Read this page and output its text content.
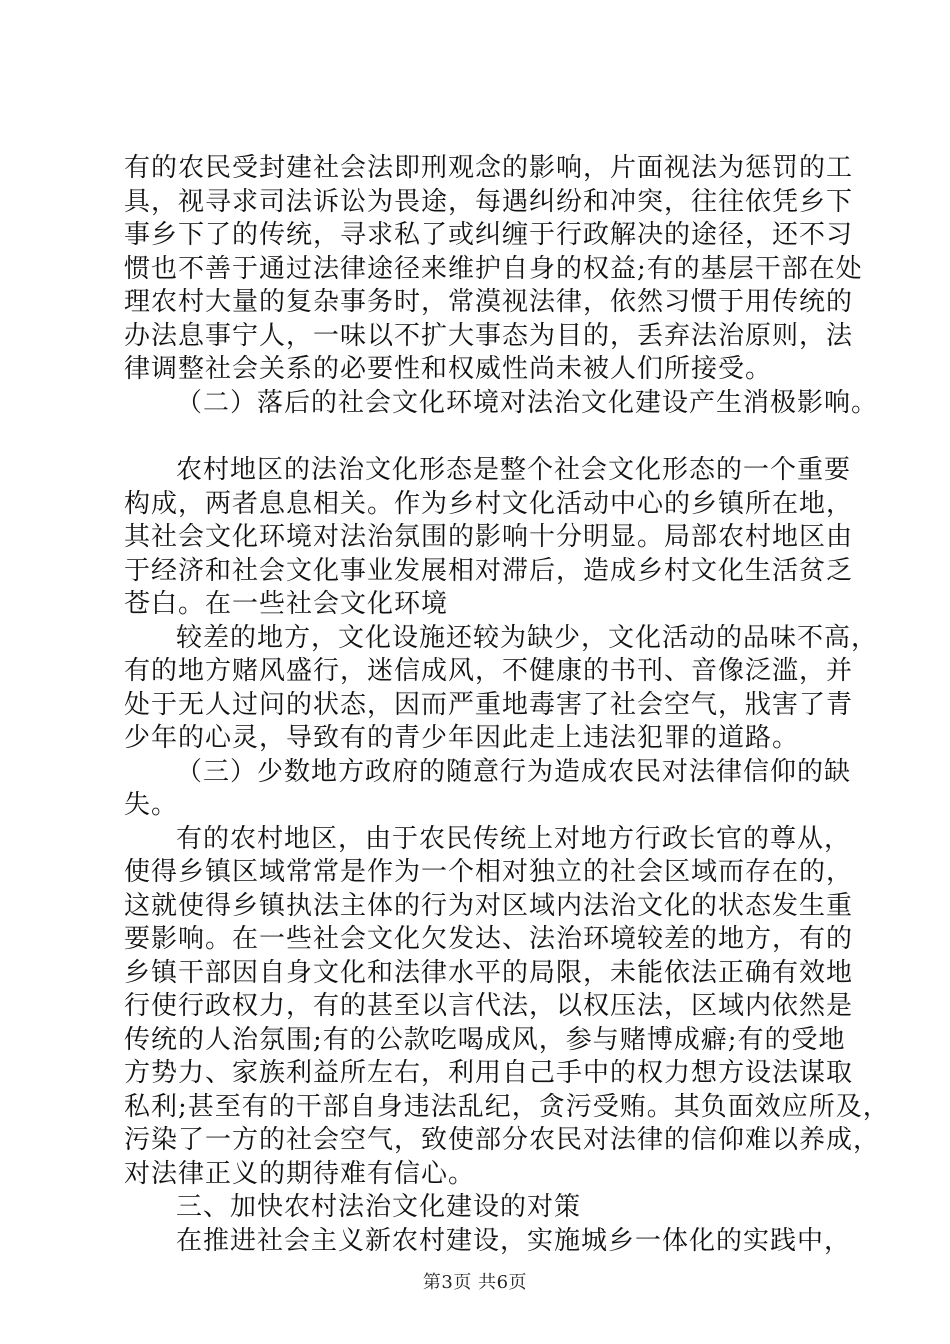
有的农民受封建社会法即刑观念的影响，片面视法为惩罚的工
具，视寻求司法诉讼为畏途，每遇纠纷和冲突，往往依凭乡下
事乡下了的传统，寻求私了或纠缠于行政解决的途径，还不习
惯也不善于通过法律途径来维护自身的权益;有的基层干部在处
理农村大量的复杂事务时，常漠视法律，依然习惯于用传统的
办法息事宁人，一味以不扩大事态为目的，丢弃法治原则，法
律调整社会关系的必要性和权威性尚未被人们所接受。

（二）落后的社会文化环境对法治文化建设产生消极影响。

农村地区的法治文化形态是整个社会文化形态的一个重要
构成，两者息息相关。作为乡村文化活动中心的乡镇所在地，
其社会文化环境对法治氛围的影响十分明显。局部农村地区由
于经济和社会文化事业发展相对滞后，造成乡村文化生活贫乏
苍白。在一些社会文化环境

较差的地方，文化设施还较为缺少，文化活动的品味不高，
有的地方赌风盛行，迷信成风，不健康的书刊、音像泛滥，并
处于无人过问的状态，因而严重地毒害了社会空气，戕害了青
少年的心灵，导致有的青少年因此走上违法犯罪的道路。

（三）少数地方政府的随意行为造成农民对法律信仰的缺
失。

有的农村地区，由于农民传统上对地方行政长官的尊从，
使得乡镇区域常常是作为一个相对独立的社会区域而存在的，
这就使得乡镇执法主体的行为对区域内法治文化的状态发生重
要影响。在一些社会文化欠发达、法治环境较差的地方，有的
乡镇干部因自身文化和法律水平的局限，未能依法正确有效地
行使行政权力，有的甚至以言代法，以权压法，区域内依然是
传统的人治氛围;有的公款吃喝成风，参与赌博成癖;有的受地
方势力、家族利益所左右，利用自己手中的权力想方设法谋取
私利;甚至有的干部自身违法乱纪，贪污受贿。其负面效应所及，
污染了一方的社会空气，致使部分农民对法律的信仰难以养成，
对法律正义的期待难有信心。

三、加快农村法治文化建设的对策

在推进社会主义新农村建设，实施城乡一体化的实践中，

第3页 共6页
